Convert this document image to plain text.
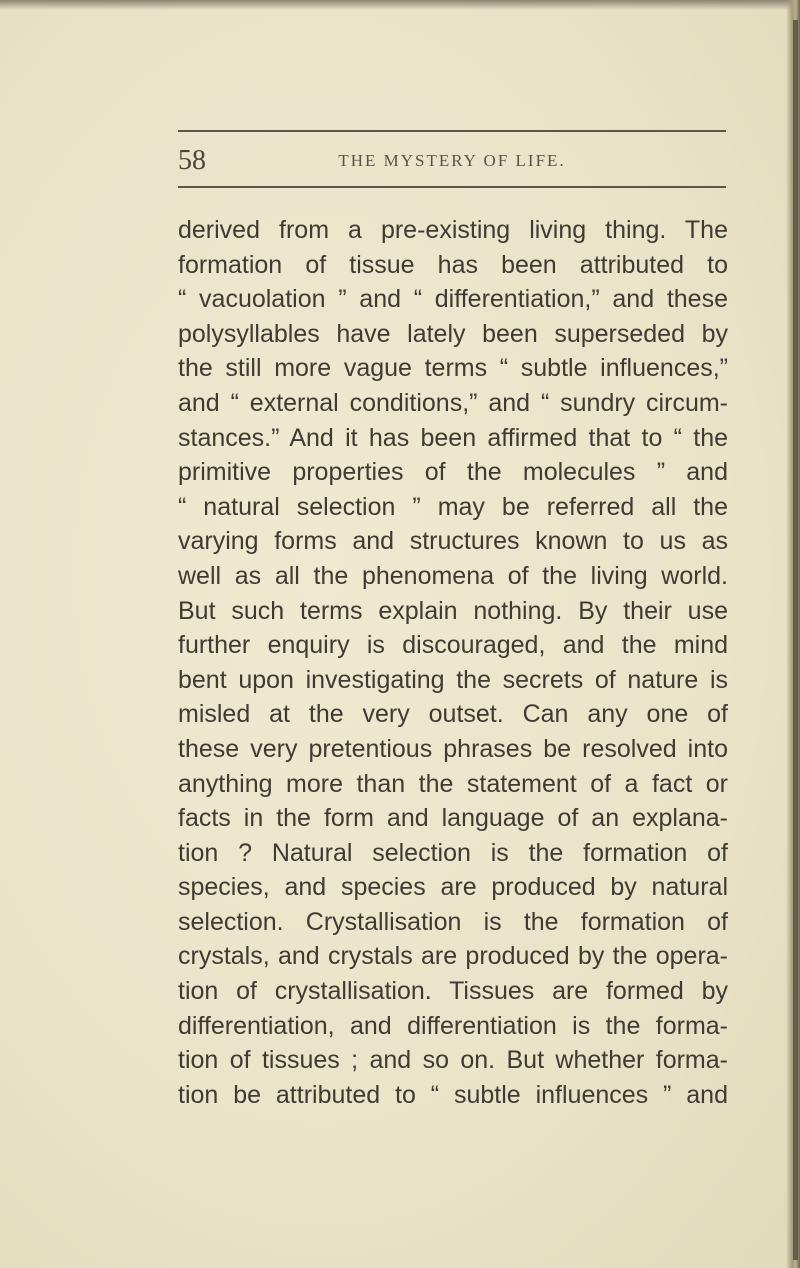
58	THE MYSTERY OF LIFE.
derived from a pre-existing living thing. The
formation of tissue has been attributed to
“ vacuolation ” and “ differentiation,” and these
polysyllables have lately been superseded by
the still more vague terms “ subtle influences,”
and “ external conditions,” and “ sundry circum-
stances.” And it has been affirmed that to “ the
primitive properties of the molecules ” and
“ natural selection ” may be referred all the
varying forms and structures known to us as
well as all the phenomena of the living world.
But such terms explain nothing. By their use
further enquiry is discouraged, and the mind
bent upon investigating the secrets of nature is
misled at the very outset. Can any one of
these very pretentious phrases be resolved into
anything more than the statement of a fact or
facts in the form and language of an explana-
tion ? Natural selection is the formation of
species, and species are produced by natural
selection. Crystallisation is the formation of
crystals, and crystals are produced by the opera-
tion of crystallisation. Tissues are formed by
differentiation, and differentiation is the forma-
tion of tissues ; and so on. But whether forma-
tion be attributed to “ subtle influences ” and
